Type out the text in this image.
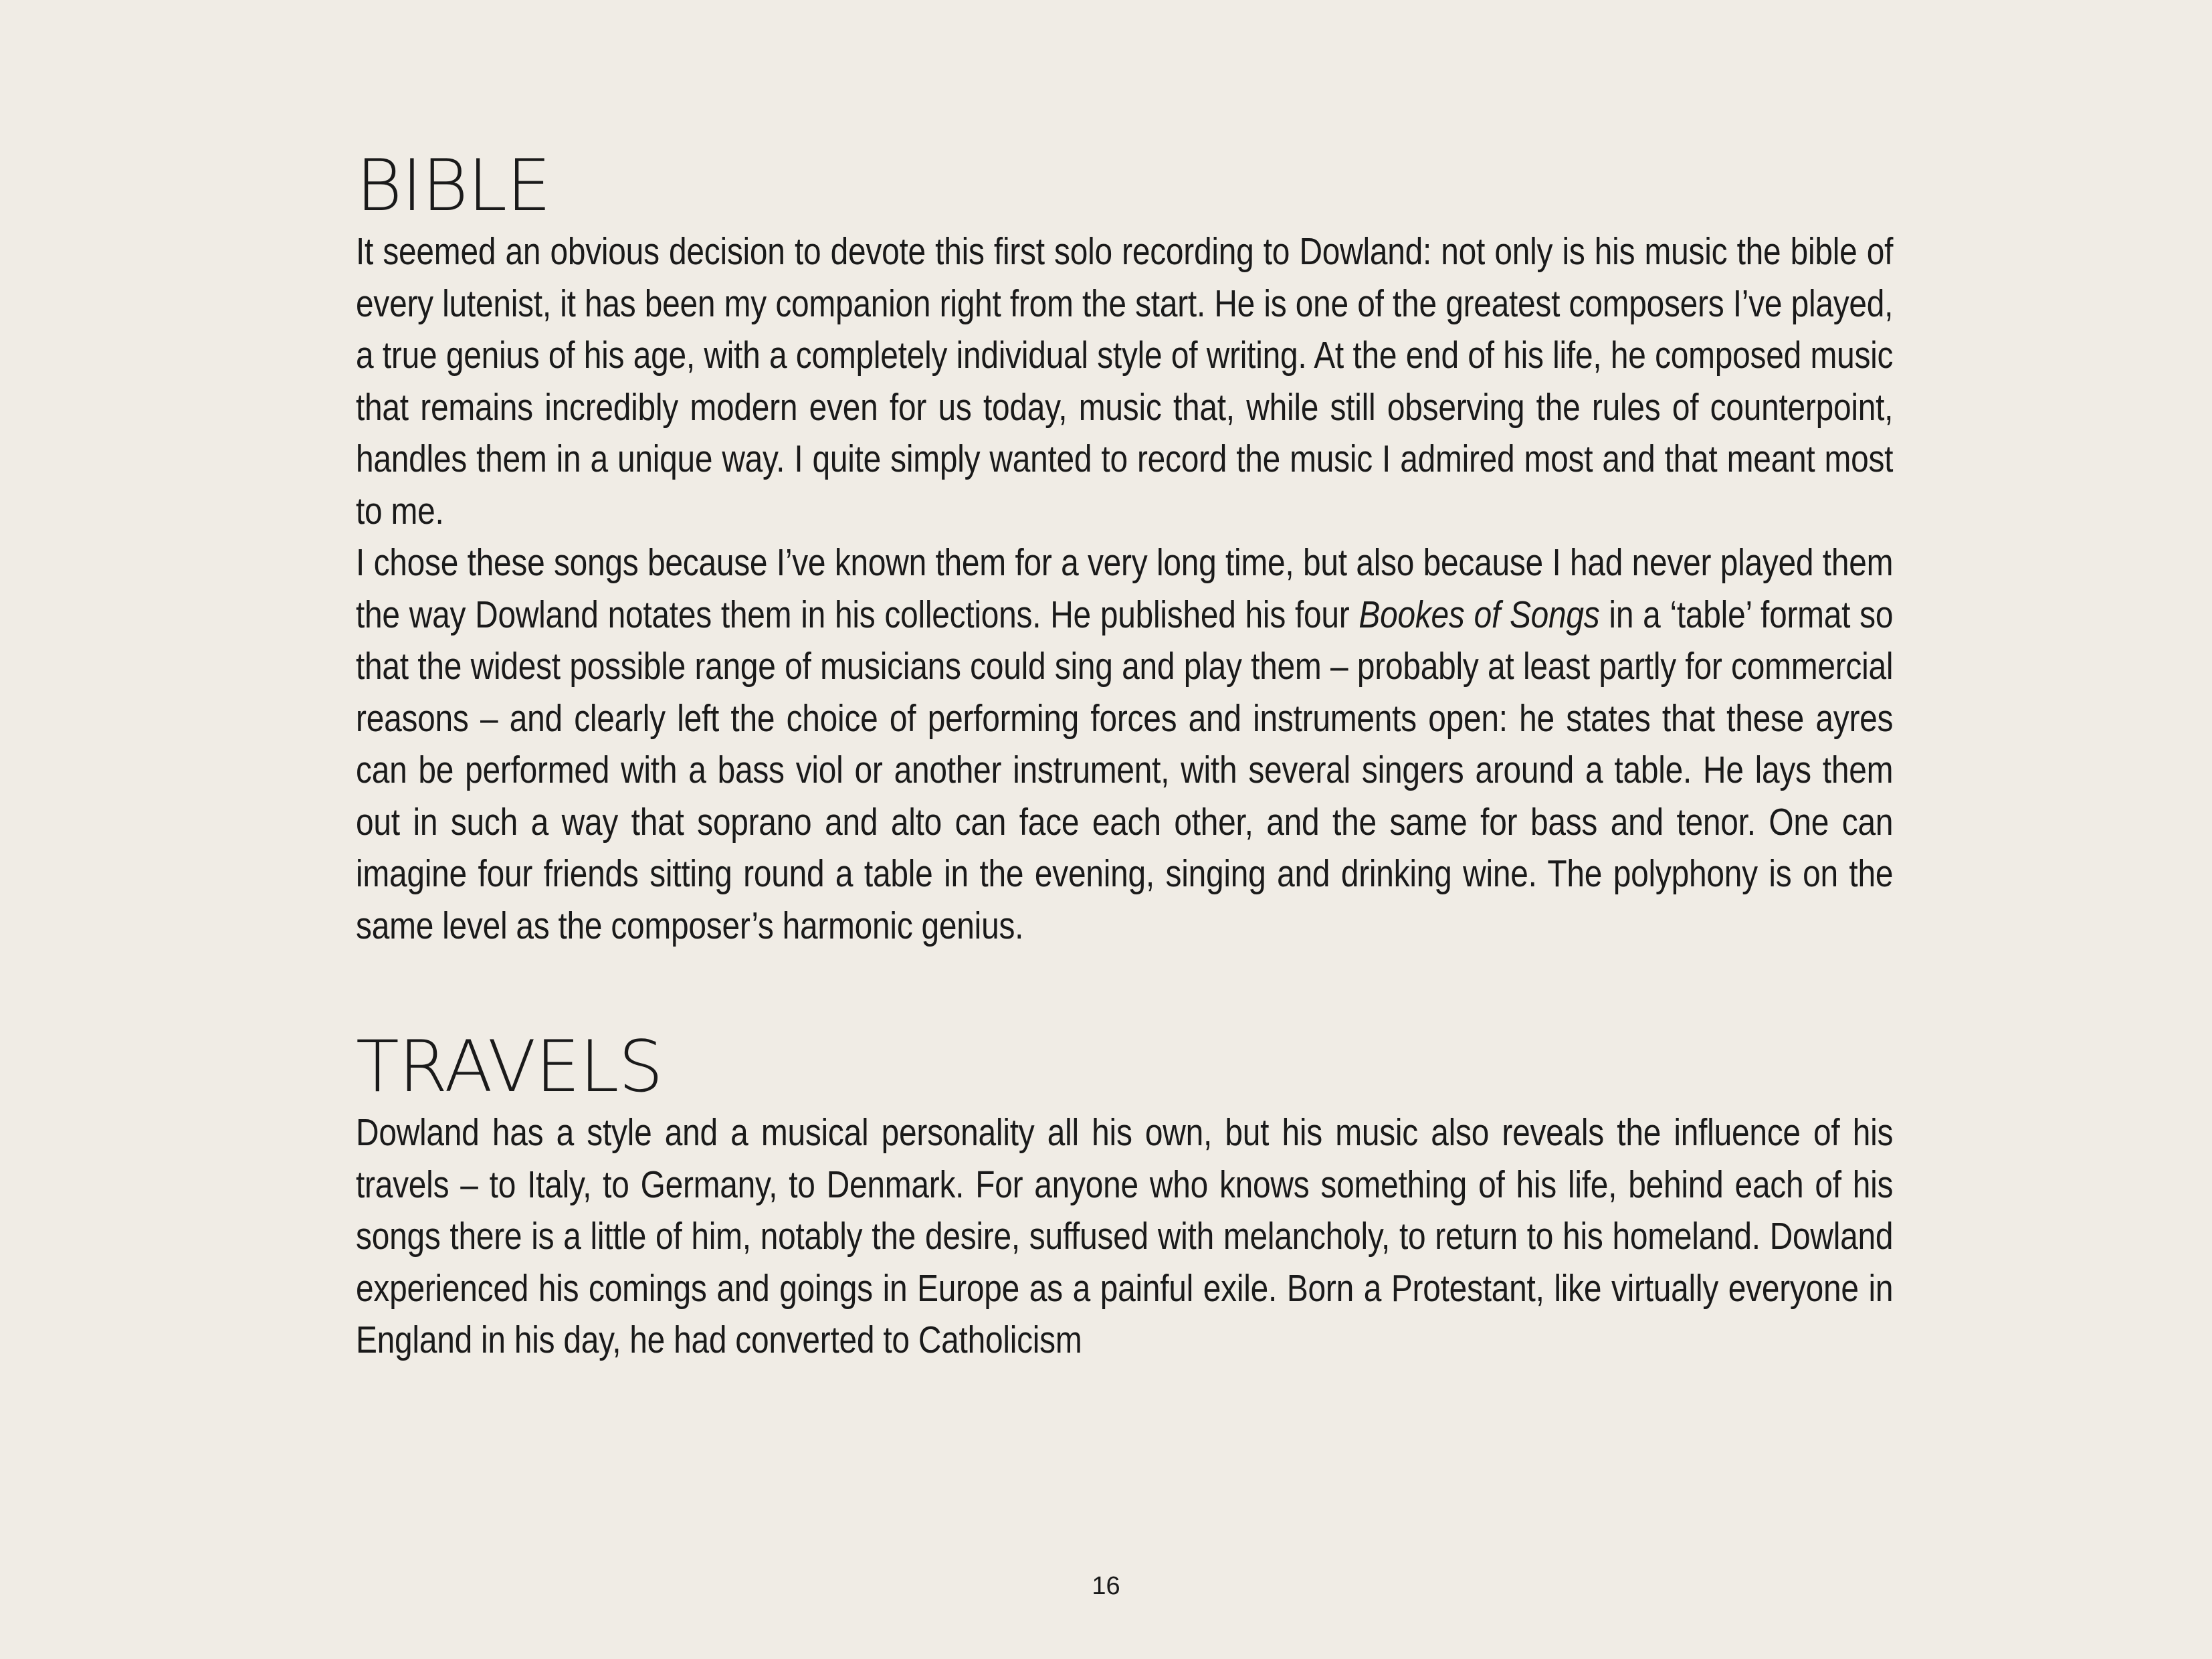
BIBLE

It seemed an obvious decision to devote this first solo recording to Dowland: not only is his music the bible of every lutenist, it has been my companion right from the start. He is one of the greatest composers I’ve played, a true genius of his age, with a completely individual style of writing. At the end of his life, he composed music that remains incredibly modern even for us today, music that, while still observing the rules of counterpoint, handles them in a unique way. I quite simply wanted to record the music I admired most and that meant most to me.

I chose these songs because I’ve known them for a very long time, but also because I had never played them the way Dowland notates them in his collections. He published his four Bookes of Songs in a ‘table’ format so that the widest possible range of musicians could sing and play them – probably at least partly for commercial reasons – and clearly left the choice of performing forces and instruments open: he states that these ayres can be performed with a bass viol or another instrument, with several singers around a table. He lays them out in such a way that soprano and alto can face each other, and the same for bass and tenor. One can imagine four friends sitting round a table in the evening, singing and drinking wine. The polyphony is on the same level as the composer’s harmonic genius.

TRAVELS

Dowland has a style and a musical personality all his own, but his music also reveals the influence of his travels – to Italy, to Germany, to Denmark. For anyone who knows something of his life, behind each of his songs there is a little of him, notably the desire, suffused with melancholy, to return to his homeland. Dowland experienced his comings and goings in Europe as a painful exile. Born a Protestant, like virtually everyone in England in his day, he had converted to Catholicism

16
